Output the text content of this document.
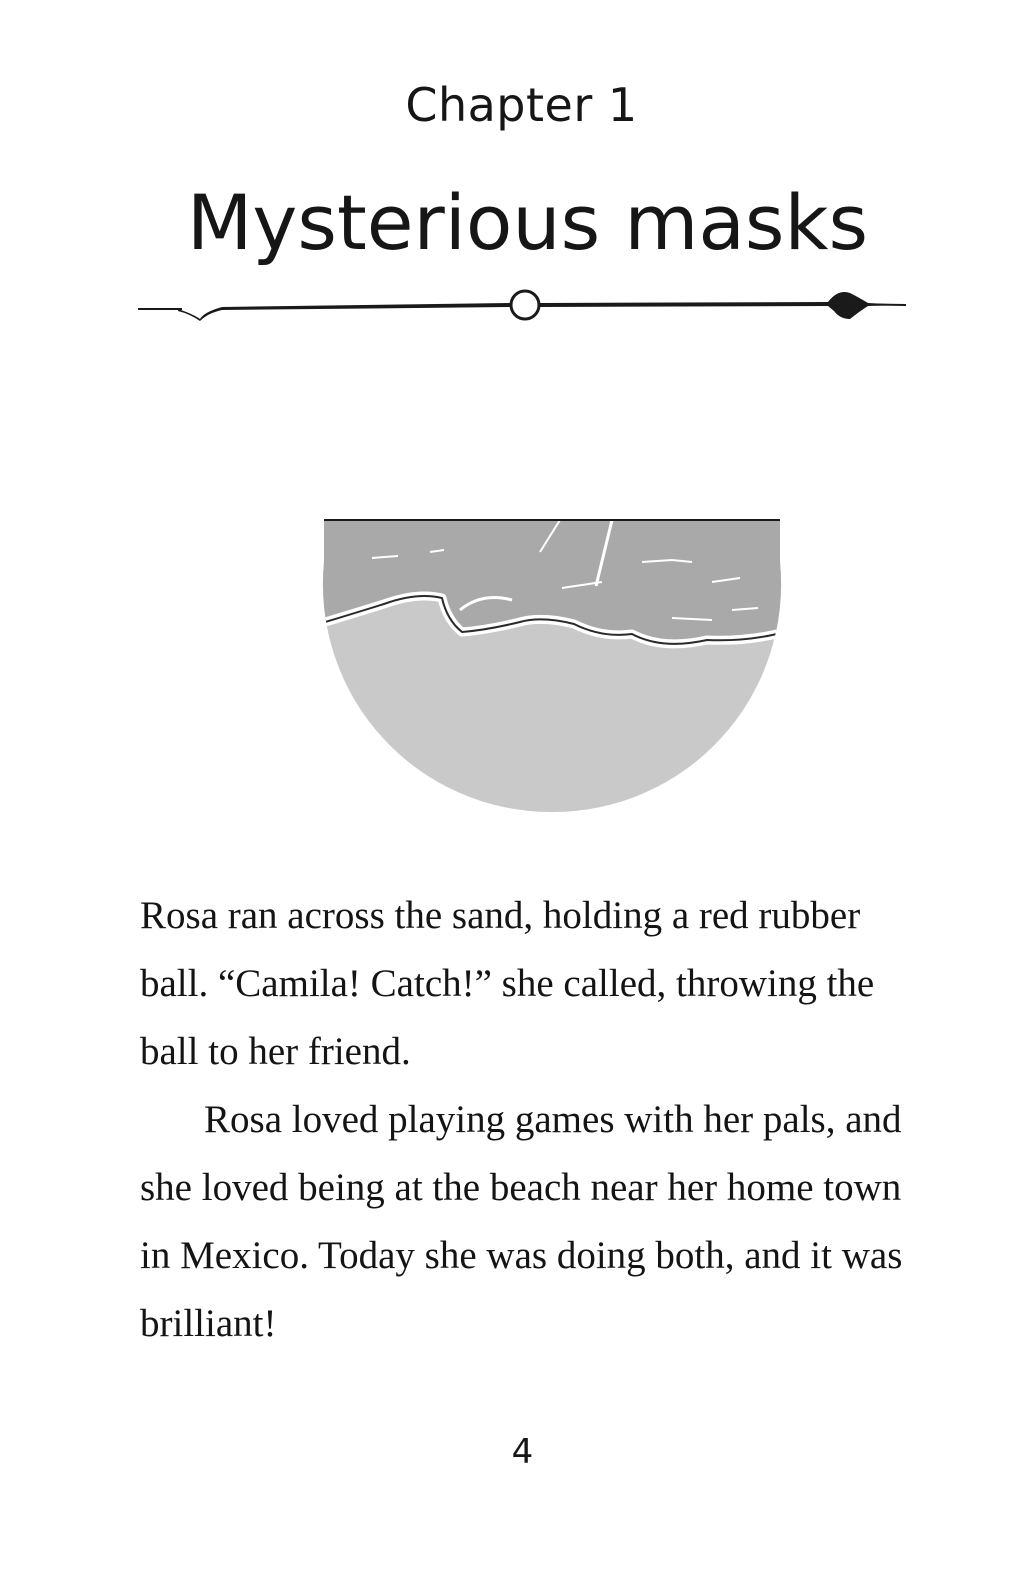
Chapter 1
Mysterious masks

Rosa ran across the sand, holding a red rubber ball. “Camila! Catch!” she called, throwing the ball to her friend.

Rosa loved playing games with her pals, and she loved being at the beach near her home town in Mexico. Today she was doing both, and it was brilliant!

4
